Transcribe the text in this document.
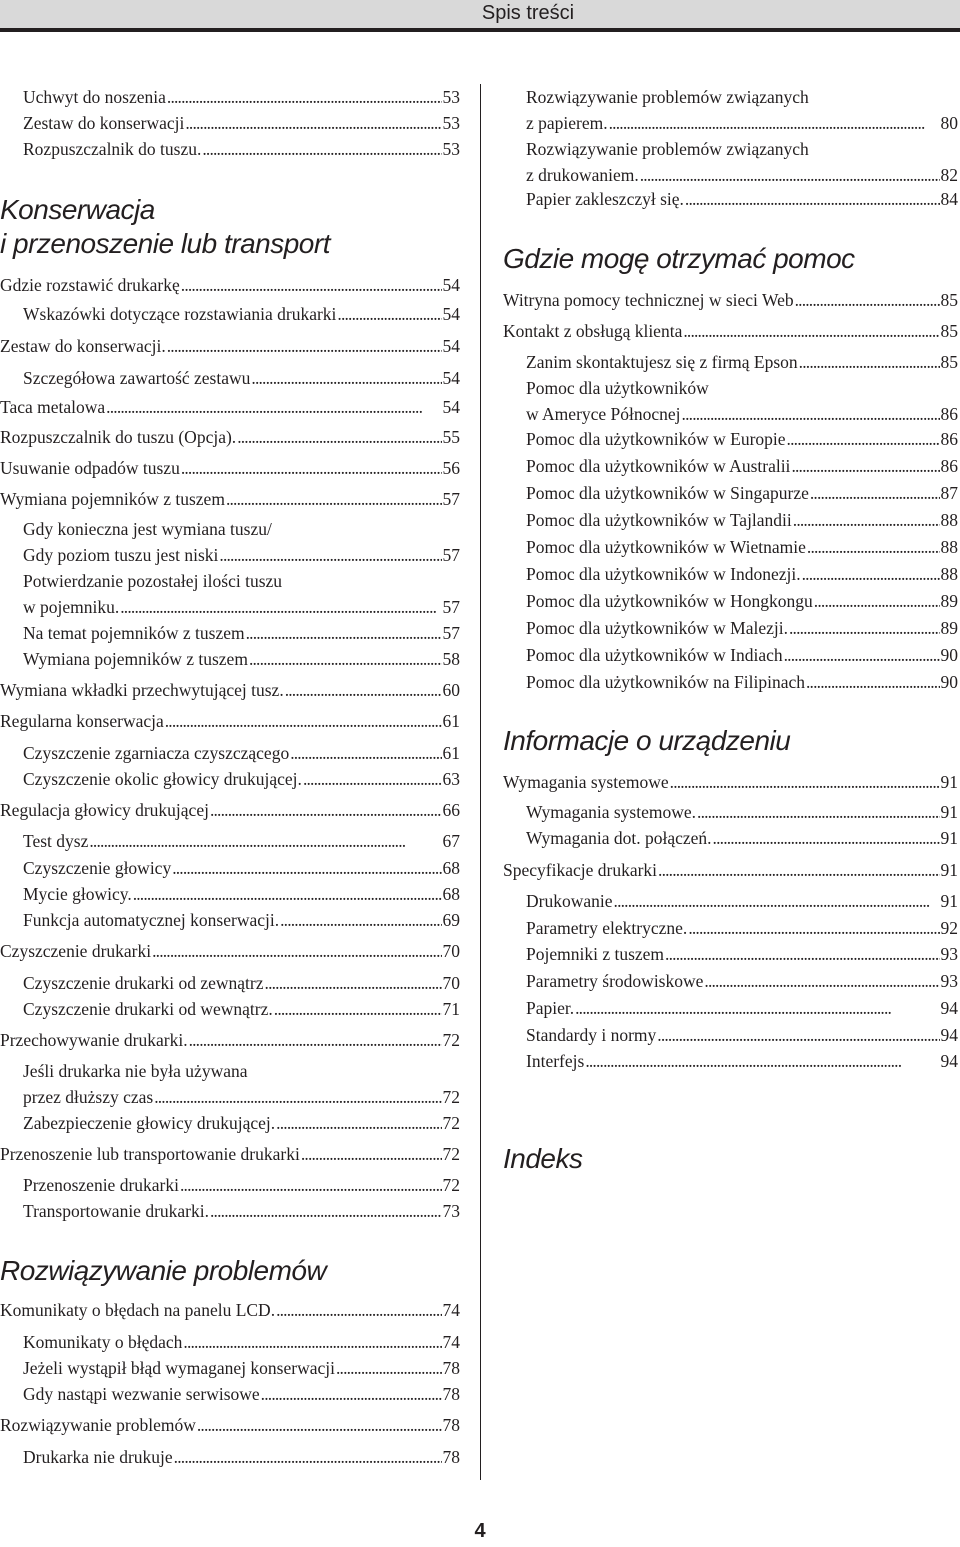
Spis treści
Uchwyt do noszenia . . .	53
Zestaw do konserwacji . . .	53
Rozpuszczalnik do tuszu. . . .	53
Konserwacja
i przenoszenie lub transport
Gdzie rozstawić drukarkę . . .	54
Wskazówki dotyczące rozstawiania drukarki . . .	54
Zestaw do konserwacji. . . .	54
Szczegółowa zawartość zestawu . . .	54
Taca metalowa . . .	54
Rozpuszczalnik do tuszu (Opcja). . . .	55
Usuwanie odpadów tuszu . . .	56
Wymiana pojemników z tuszem . . .	57
Gdy konieczna jest wymiana tuszu/
Gdy poziom tuszu jest niski . . .	57
Potwierdzanie pozostałej ilości tuszu
w pojemniku. . . .	57
Na temat pojemników z tuszem . . .	57
Wymiana pojemników z tuszem . . .	58
Wymiana wkładki przechwytującej tusz. . . .	60
Regularna konserwacja . . .	61
Czyszczenie zgarniacza czyszczącego . . .	61
Czyszczenie okolic głowicy drukującej. . . .	63
Regulacja głowicy drukującej . . .	66
Test dysz . . .	67
Czyszczenie głowicy . . .	68
Mycie głowicy. . . .	68
Funkcja automatycznej konserwacji. . . .	69
Czyszczenie drukarki . . .	70
Czyszczenie drukarki od zewnątrz . . .	70
Czyszczenie drukarki od wewnątrz. . . .	71
Przechowywanie drukarki. . . .	72
Jeśli drukarka nie była używana
przez dłuższy czas . . .	72
Zabezpieczenie głowicy drukującej. . . .	72
Przenoszenie lub transportowanie drukarki . . .	72
Przenoszenie drukarki . . .	72
Transportowanie drukarki. . . .	73
Rozwiązywanie problemów
Komunikaty o błędach na panelu LCD. . . .	74
Komunikaty o błędach . . .	74
Jeżeli wystąpił błąd wymaganej konserwacji . . .	78
Gdy nastąpi wezwanie serwisowe . . .	78
Rozwiązywanie problemów . . .	78
Drukarka nie drukuje . . .	78
Rozwiązywanie problemów związanych
z papierem. . . .	80
Rozwiązywanie problemów związanych
z drukowaniem. . . .	82
Papier zakleszczył się. . . .	84
Gdzie mogę otrzymać pomoc
Witryna pomocy technicznej w sieci Web . . .	85
Kontakt z obsługą klienta . . .	85
Zanim skontaktujesz się z firmą Epson . . .	85
Pomoc dla użytkowników
w Ameryce Północnej . . .	86
Pomoc dla użytkowników w Europie . . .	86
Pomoc dla użytkowników w Australii . . .	86
Pomoc dla użytkowników w Singapurze . . .	87
Pomoc dla użytkowników w Tajlandii . . .	88
Pomoc dla użytkowników w Wietnamie . . .	88
Pomoc dla użytkowników w Indonezji. . . .	88
Pomoc dla użytkowników w Hongkongu . . .	89
Pomoc dla użytkowników w Malezji. . . .	89
Pomoc dla użytkowników w Indiach . . .	90
Pomoc dla użytkowników na Filipinach . . .	90
Informacje o urządzeniu
Wymagania systemowe . . .	91
Wymagania systemowe. . . .	91
Wymagania dot. połączeń. . . .	91
Specyfikacje drukarki . . .	91
Drukowanie . . .	91
Parametry elektryczne. . . .	92
Pojemniki z tuszem . . .	93
Parametry środowiskowe . . .	93
Papier. . . .	94
Standardy i normy . . .	94
Interfejs . . .	94
Indeks
4
